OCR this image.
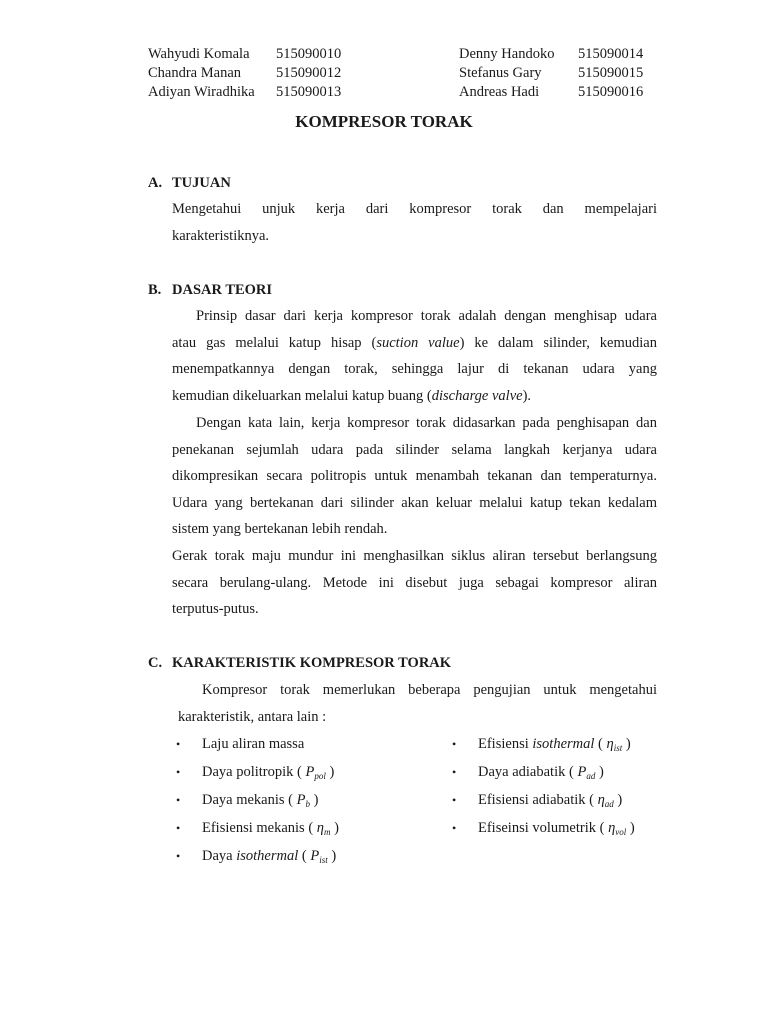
Wahyudi Komala 515090010	Denny Handoko 515090014
Chandra Manan 515090012	Stefanus Gary	515090015
Adiyan Wiradhika 515090013	Andreas Hadi	515090016
KOMPRESOR TORAK
A. TUJUAN

Mengetahui unjuk kerja dari kompresor torak dan mempelajari
karakteristiknya.

B. DASAR TEORI

Prinsip dasar dari kerja kompresor torak adalah dengan menghisap udara
atau gas melalui katup hisap (suction value) ke dalam silinder, kemudian
menempatkannya dengan torak, sehingga lajur di tekanan udara yang
kemudian dikeluarkan melalui katup buang (discharge valve).

Dengan kata lain, kerja kompresor torak didasarkan pada penghisapan dan
penekanan sejumlah udara pada silinder selama langkah kerjanya udara
dikompresikan secara politropis untuk menambah tekanan dan temperaturnya.
Udara yang bertekanan dari silinder akan keluar melalui katup tekan kedalam
sistem yang bertekanan lebih rendah.

Gerak torak maju mundur ini menghasilkan siklus aliran tersebut berlangsung
secara berulang-ulang. Metode ini disebut juga sebagai kompresor aliran
terputus-putus.

C. KARAKTERISTIK KOMPRESOR TORAK

Kompresor torak memerlukan beberapa pengujian untuk mengetahui
karakteristik, antara lain :

• Laju aliran massa
• Daya politropik ( $P_{pol}$ )
• Daya mekanis ( $P_b$ )
• Efisiensi mekanis ( $\eta_m$ )
• Daya isothermal ( $P_{ist}$ )
• Efisiensi isothermal ( $\eta_{ist}$ )
• Daya adiabatik ( $P_{ad}$ )
• Efisiensi adiabatik ( $\eta_{ad}$ )
• Efiseinsi volumetrik ( $\eta_{vol}$ )
